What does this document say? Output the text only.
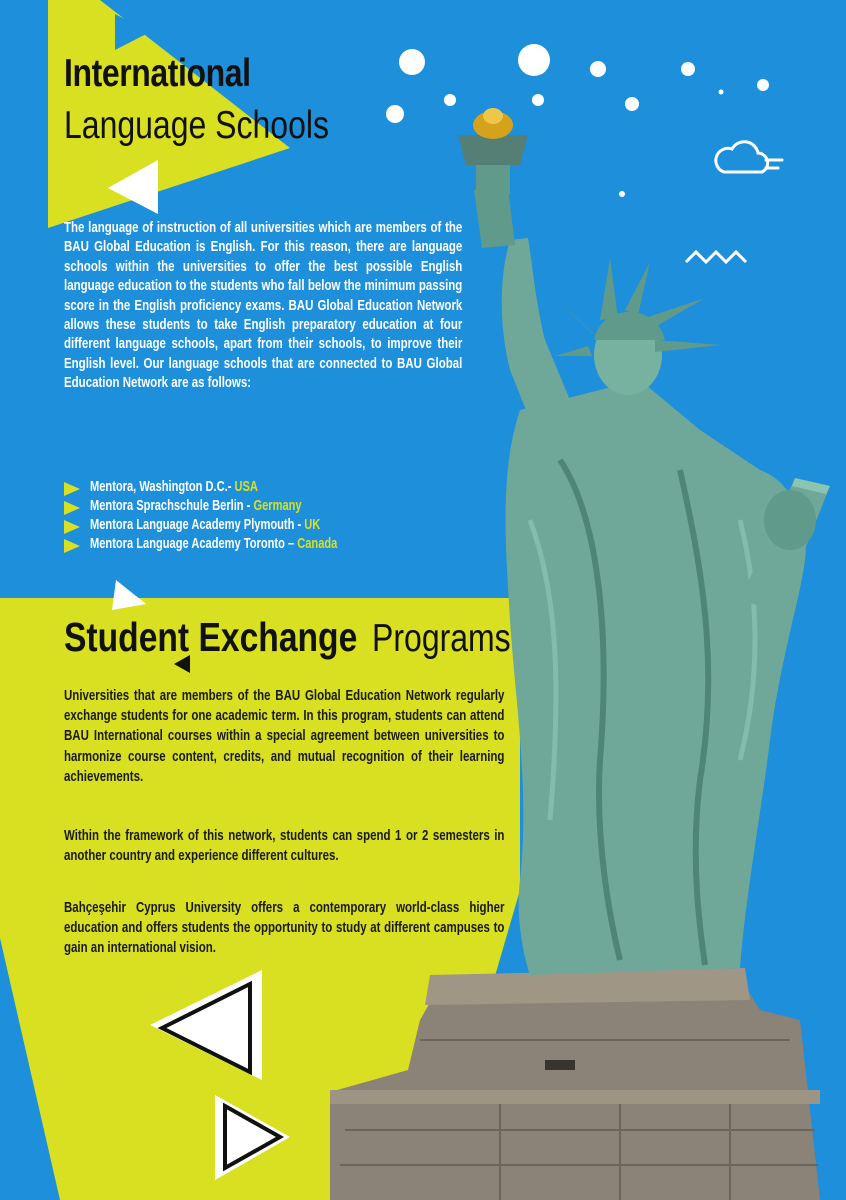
International
Language Schools
The language of instruction of all universities which are members of the BAU Global Education is English. For this reason, there are language schools within the universities to offer the best possible English language education to the students who fall below the minimum passing score in the English proficiency exams. BAU Global Education Network allows these students to take English preparatory education at four different language schools, apart from their schools, to improve their English level. Our language schools that are connected to BAU Global Education Network are as follows:
Mentora, Washington D.C.- USA
Mentora Sprachschule Berlin - Germany
Mentora Language Academy Plymouth - UK
Mentora Language Academy Toronto – Canada
Student Exchange Programs
Universities that are members of the BAU Global Education Network regularly exchange students for one academic term. In this program, students can attend BAU International courses within a special agreement between universities to harmonize course content, credits, and mutual recognition of their learning achievements.
Within the framework of this network, students can spend 1 or 2 semesters in another country and experience different cultures.
Bahçeşehir Cyprus University offers a contemporary world-class higher education and offers students the opportunity to study at different campuses to gain an international vision.
